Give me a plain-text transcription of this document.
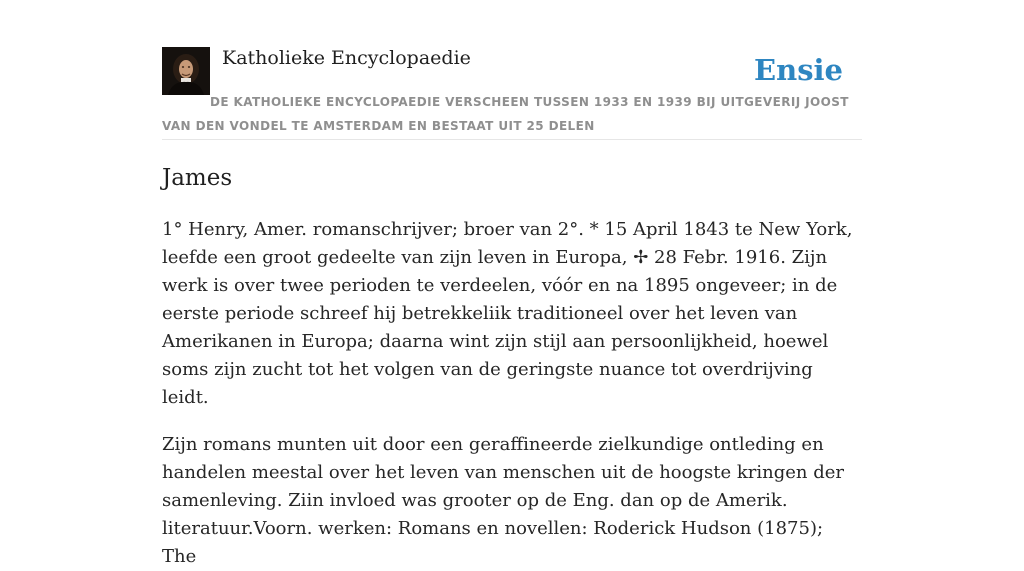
Katholieke Encyclopaedie	Ensie
DE KATHOLIEKE ENCYCLOPAEDIE VERSCHEEN TUSSEN 1933 EN 1939 BIJ UITGEVERIJ JOOST VAN DEN VONDEL TE AMSTERDAM EN BESTAAT UIT 25 DELEN
James

1° Henry, Amer. romanschrijver; broer van 2°. * 15 April 1843 te New York, leefde een groot gedeelte van zijn leven in Europa, ✢ 28 Febr. 1916. Zijn werk is over twee perioden te verdeelen, vóór en na 1895 ongeveer; in de eerste periode schreef hij betrekkeliik traditioneel over het leven van Amerikanen in Europa; daarna wint zijn stijl aan persoonlijkheid, hoewel soms zijn zucht tot het volgen van de geringste nuance tot overdrijving leidt.

Zijn romans munten uit door een geraffineerde zielkundige ontleding en handelen meestal over het leven van menschen uit de hoogste kringen der samenleving. Ziin invloed was grooter op de Eng. dan op de Amerik. literatuur.Voorn. werken: Romans en novellen: Roderick Hudson (1875); The
